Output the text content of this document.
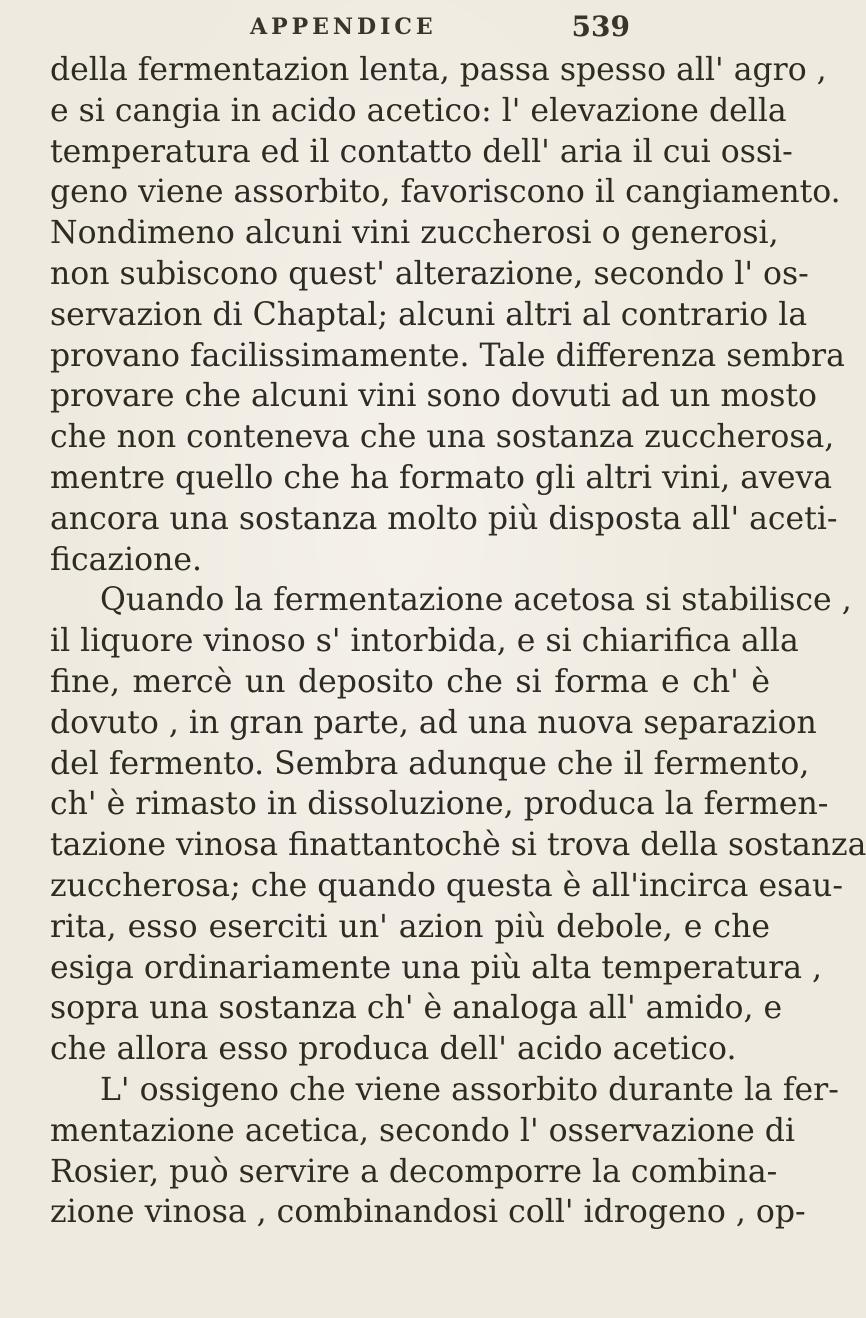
APPENDICE	539
della fermentazion lenta, passa spesso all' agro ,
e si cangia in acido acetico: l' elevazione della
temperatura ed il contatto dell' aria il cui ossi-
geno viene assorbito, favoriscono il cangiamento.
Nondimeno alcuni vini zuccherosi o generosi,
non subiscono quest' alterazione, secondo l' os-
servazion di Chaptal; alcuni altri al contrario la
provano facilissimamente. Tale differenza sembra
provare che alcuni vini sono dovuti ad un mosto
che non conteneva che una sostanza zuccherosa,
mentre quello che ha formato gli altri vini, aveva
ancora una sostanza molto più disposta all' aceti-
ficazione.
Quando la fermentazione acetosa si stabilisce ,
il liquore vinoso s' intorbida, e si chiarifica alla
fine, mercè un deposito che si forma e ch' è
dovuto , in gran parte, ad una nuova separazion
del fermento. Sembra adunque che il fermento,
ch' è rimasto in dissoluzione, produca la fermen-
tazione vinosa finattantochè si trova della sostanza
zuccherosa; che quando questa è all'incirca esau-
rita, esso eserciti un' azion più debole, e che
esiga ordinariamente una più alta temperatura ,
sopra una sostanza ch' è analoga all' amido, e
che allora esso produca dell' acido acetico.
L' ossigeno che viene assorbito durante la fer-
mentazione acetica, secondo l' osservazione di
Rosier, può servire a decomporre la combina-
zione vinosa , combinandosi coll' idrogeno , op-
